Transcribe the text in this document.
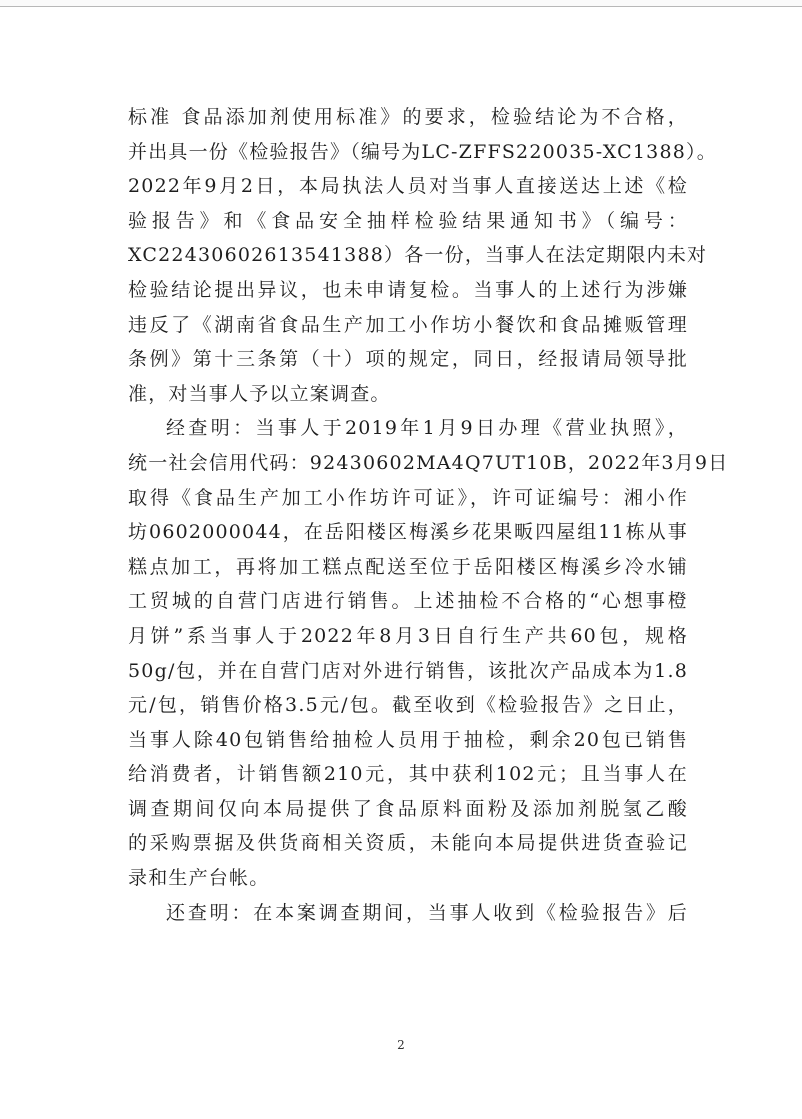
标准 食品添加剂使用标准》的要求，检验结论为不合格，
并出具一份《检验报告》（编号为LC-ZFFS220035-XC1388）。
2022年9月2日，本局执法人员对当事人直接送达上述《检
验报告》和《食品安全抽样检验结果通知书》（编号：
XC22430602613541388）各一份，当事人在法定期限内未对
检验结论提出异议，也未申请复检。当事人的上述行为涉嫌
违反了《湖南省食品生产加工小作坊小餐饮和食品摊贩管理
条例》第十三条第（十）项的规定，同日，经报请局领导批
准，对当事人予以立案调查。
经查明：当事人于2019年1月9日办理《营业执照》，
统一社会信用代码：92430602MA4Q7UT10B，2022年3月9日
取得《食品生产加工小作坊许可证》，许可证编号：湘小作
坊0602000044，在岳阳楼区梅溪乡花果畈四屋组11栋从事
糕点加工，再将加工糕点配送至位于岳阳楼区梅溪乡冷水铺
工贸城的自营门店进行销售。上述抽检不合格的“心想事橙
月饼”系当事人于2022年8月3日自行生产共60包，规格
50g/包，并在自营门店对外进行销售，该批次产品成本为1.8
元/包，销售价格3.5元/包。截至收到《检验报告》之日止，
当事人除40包销售给抽检人员用于抽检，剩余20包已销售
给消费者，计销售额210元，其中获利102元；且当事人在
调查期间仅向本局提供了食品原料面粉及添加剂脱氢乙酸
的采购票据及供货商相关资质，未能向本局提供进货查验记
录和生产台帐。
还查明：在本案调查期间，当事人收到《检验报告》后
2
